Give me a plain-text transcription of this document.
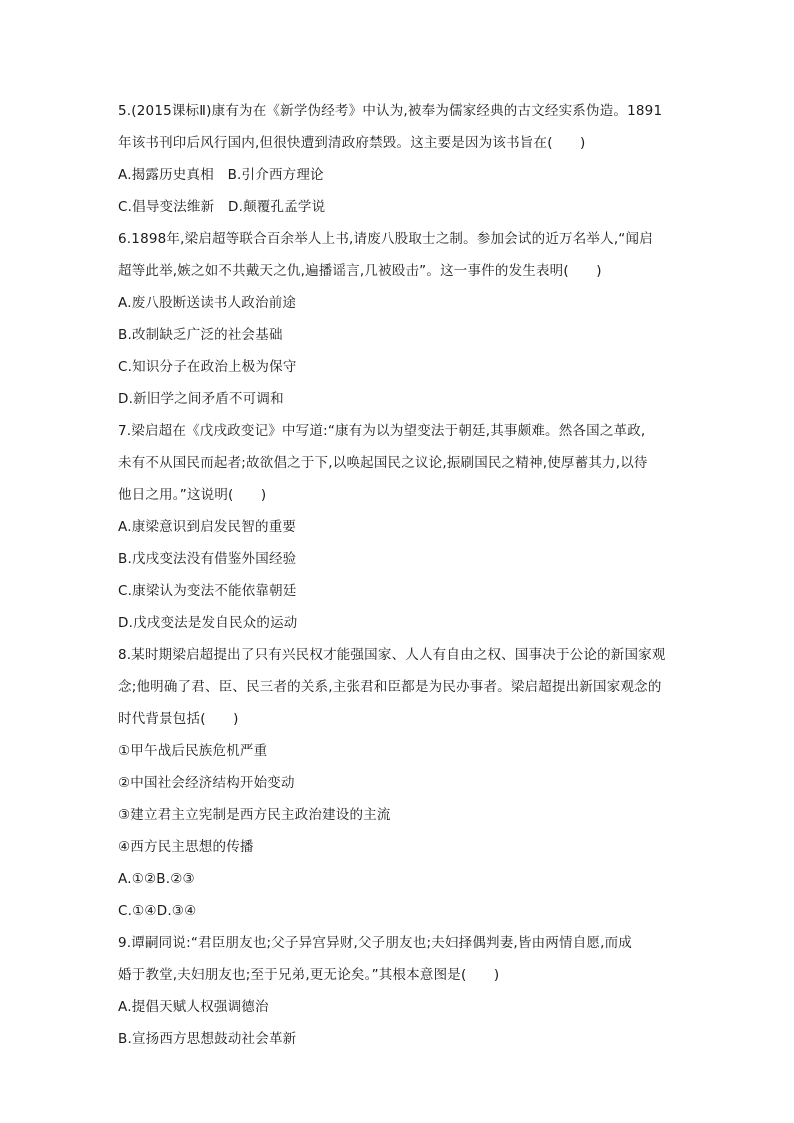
5.(2015课标Ⅱ)康有为在《新学伪经考》中认为,被奉为儒家经典的古文经实系伪造。1891
年该书刊印后风行国内,但很快遭到清政府禁毁。这主要是因为该书旨在(　　)
A.揭露历史真相　B.引介西方理论
C.倡导变法维新　D.颠覆孔孟学说
6.1898年,梁启超等联合百余举人上书,请废八股取士之制。参加会试的近万名举人,“闻启
超等此举,嫉之如不共戴天之仇,遍播谣言,几被殴击”。这一事件的发生表明(　　)
A.废八股断送读书人政治前途
B.改制缺乏广泛的社会基础
C.知识分子在政治上极为保守
D.新旧学之间矛盾不可调和
7.梁启超在《戊戌政变记》中写道:“康有为以为望变法于朝廷,其事颇难。然各国之革政,
未有不从国民而起者;故欲倡之于下,以唤起国民之议论,振刷国民之精神,使厚蓄其力,以待
他日之用。”这说明(　　)
A.康梁意识到启发民智的重要
B.戊戌变法没有借鉴外国经验
C.康梁认为变法不能依靠朝廷
D.戊戌变法是发自民众的运动
8.某时期梁启超提出了只有兴民权才能强国家、人人有自由之权、国事决于公论的新国家观
念;他明确了君、臣、民三者的关系,主张君和臣都是为民办事者。梁启超提出新国家观念的
时代背景包括(　　)
①甲午战后民族危机严重
②中国社会经济结构开始变动
③建立君主立宪制是西方民主政治建设的主流
④西方民主思想的传播
A.①②B.②③
C.①④D.③④
9.谭嗣同说:“君臣朋友也;父子异宫异财,父子朋友也;夫妇择偶判妻,皆由两情自愿,而成
婚于教堂,夫妇朋友也;至于兄弟,更无论矣。”其根本意图是(　　)
A.提倡天赋人权强调德治
B.宣扬西方思想鼓动社会革新
